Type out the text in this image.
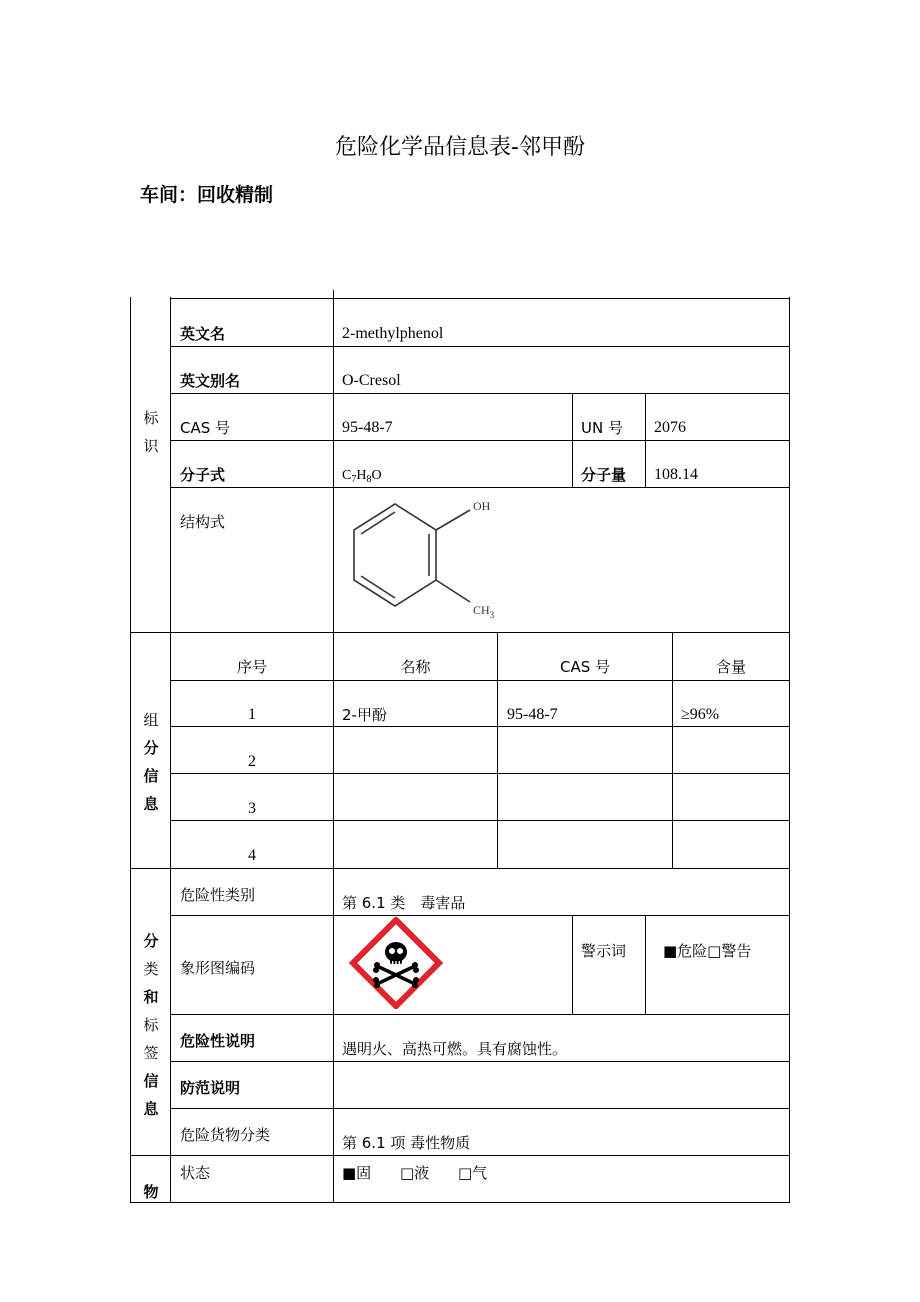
危险化学品信息表-邻甲酚
车间：回收精制
标
识
英文名	2-methylphenol
英文别名	O-Cresol
CAS 号	95-48-7	UN 号 2076
分子式	$C_7H_8O$	分子量 108.14
结构式
OH
$CH_3$
组
分
信
息
序号	名称	CAS 号	含量
1	2-甲酚	95-48-7	≥96%
2
3
4
分
类
和
标
签
信
息
危险性类别	第 6.1 类　毒害品
象形图编码
警示词 ■危险□警告
危险性说明	遇明火、高热可燃。具有腐蚀性。
防范说明
危险货物分类	第 6.1 项 毒性物质
物
状态	■固 □液 □气
